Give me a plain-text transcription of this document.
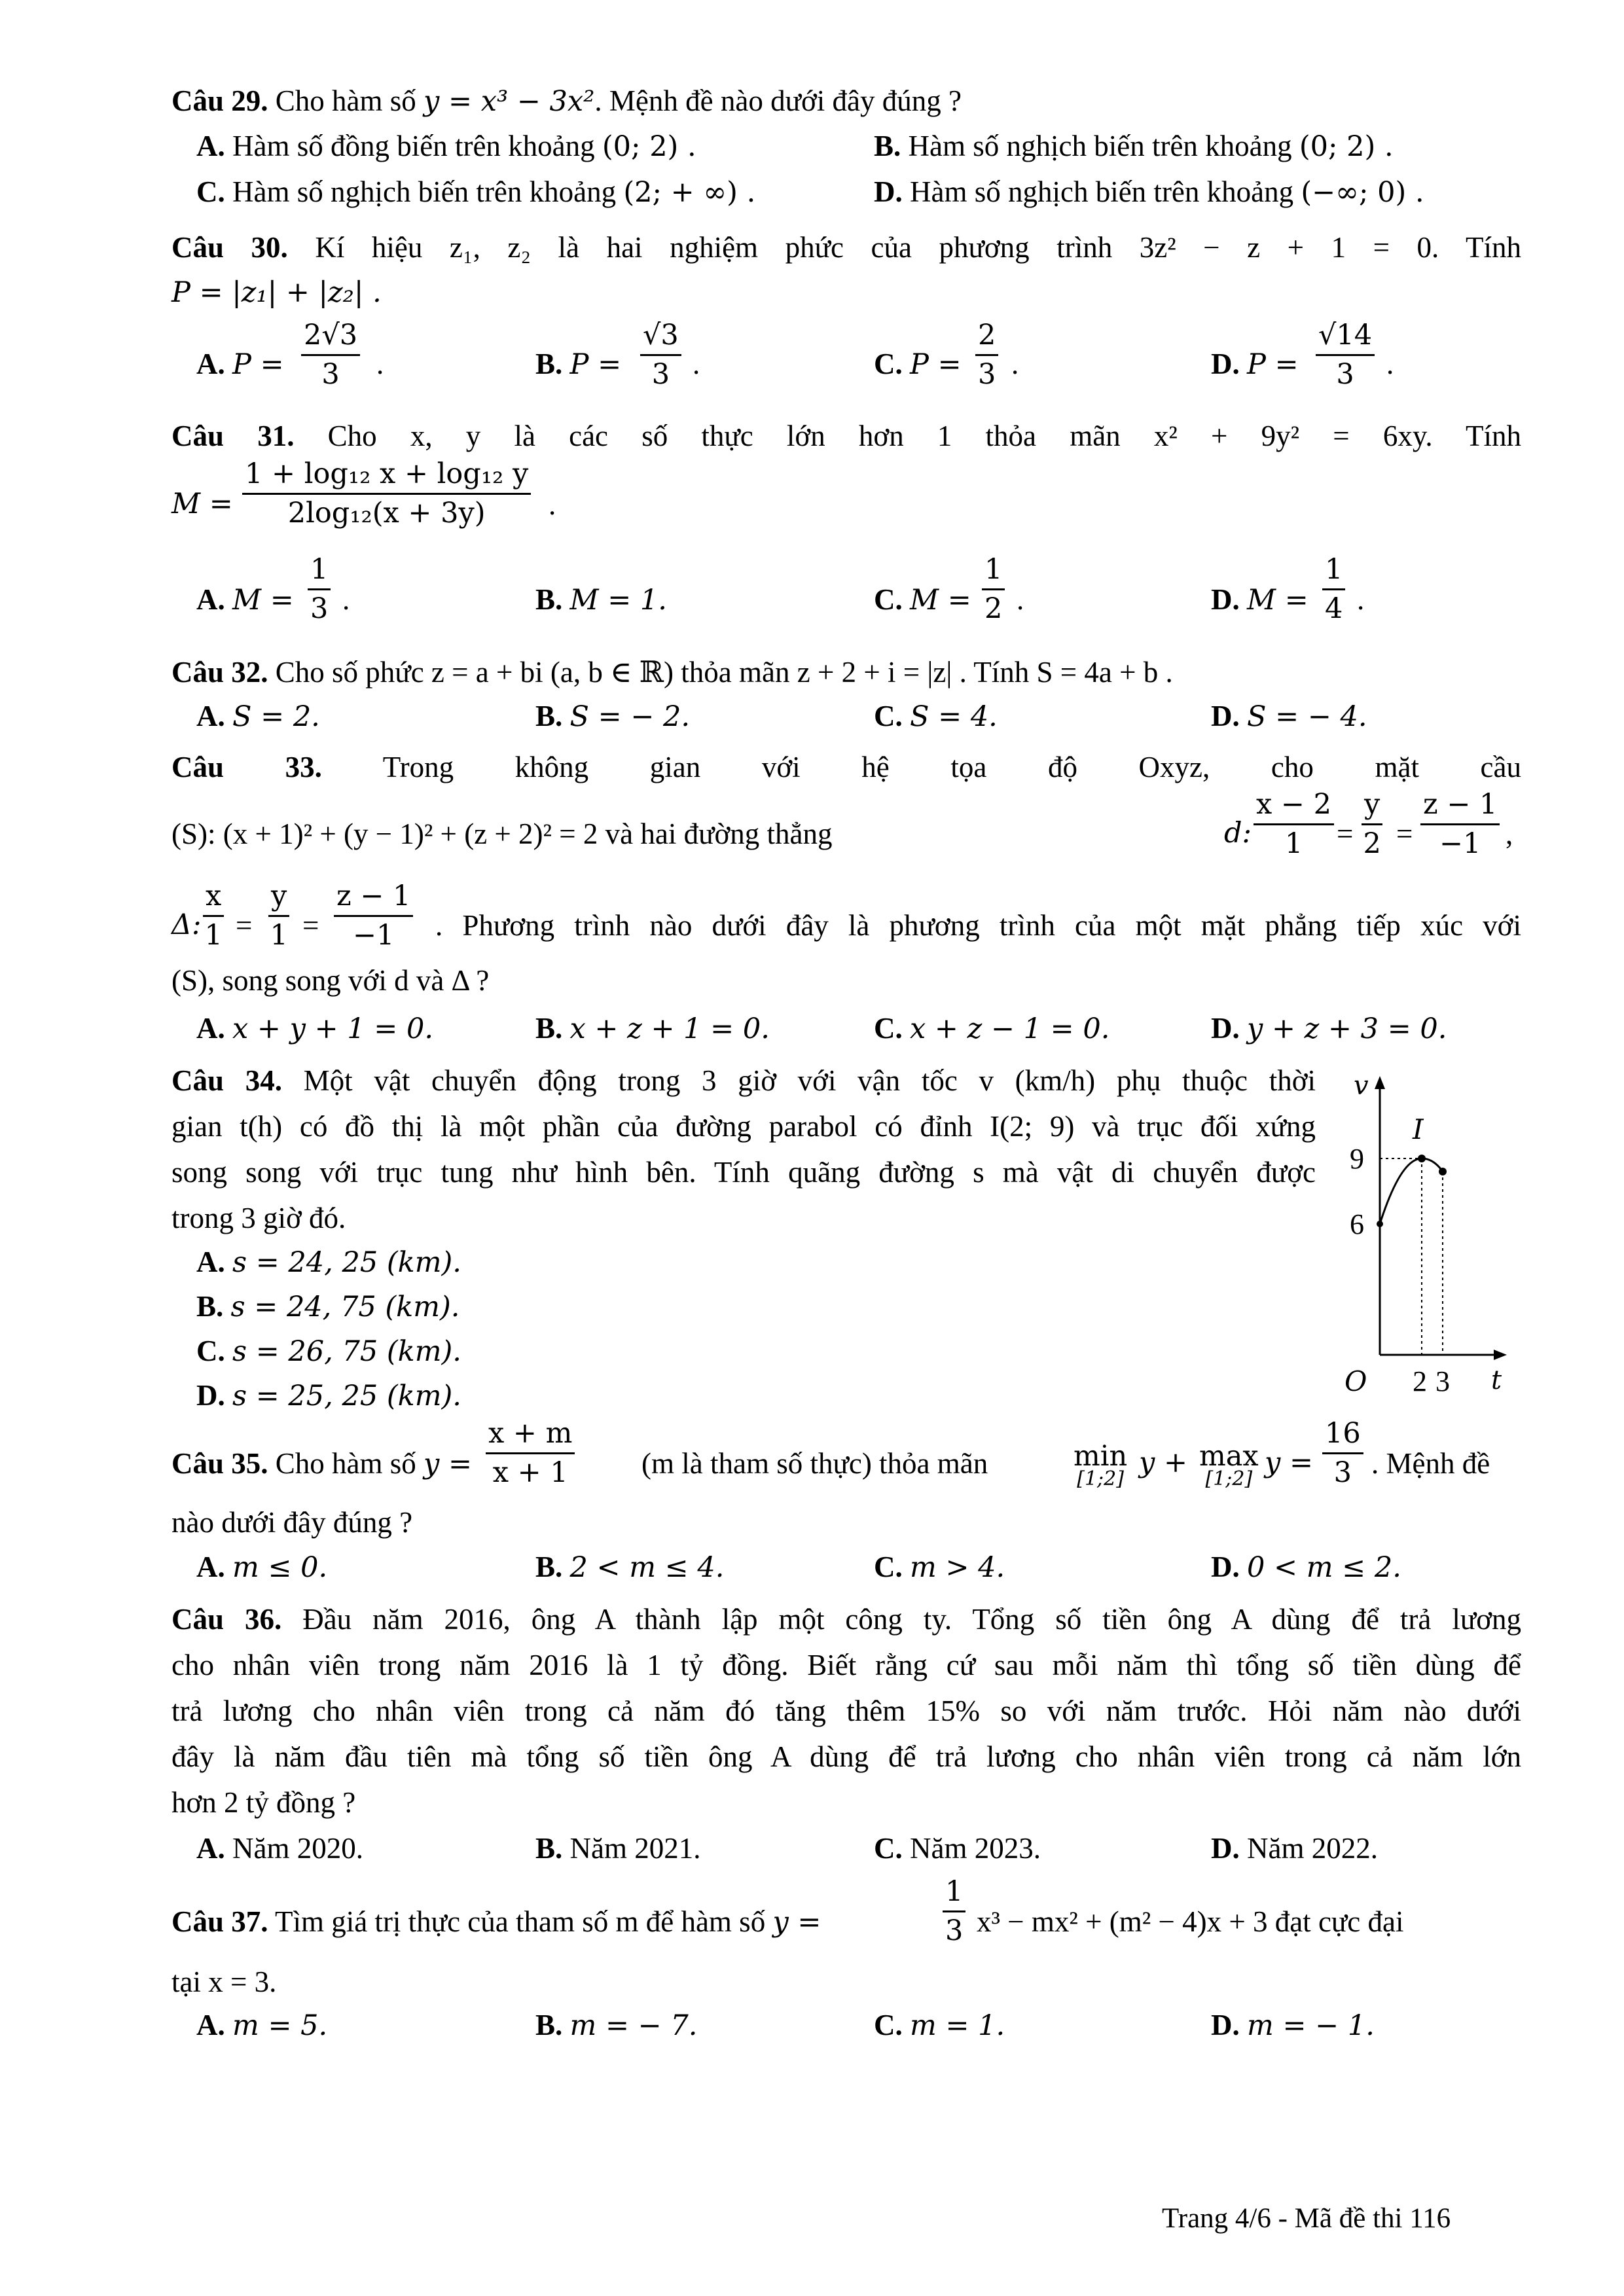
Câu 29. Cho hàm số y = x³ − 3x². Mệnh đề nào dưới đây đúng ?
A. Hàm số đồng biến trên khoảng (0; 2) .	B. Hàm số nghịch biến trên khoảng (0; 2) .
C. Hàm số nghịch biến trên khoảng (2; + ∞) .	D. Hàm số nghịch biến trên khoảng (−∞; 0) .
Câu 30. Kí hiệu z₁, z₂ là hai nghiệm phức của phương trình 3z² − z + 1 = 0. Tính
P = |z₁| + |z₂| .
A. $P = \frac{2√3}{3}$ .	B. $P = \frac{√3}{3}$ .	C. $P = \frac{2}{3}$ .	D. $P = \frac{√14}{3}$ .
Câu 31. Cho x, y là các số thực lớn hơn 1 thỏa mãn x² + 9y² = 6xy. Tính
$M = \frac{\text{1 + log₁₂ x + log₁₂ y}}{\text{2log₁₂(x + 3y)}}$ .
A. $M = \frac{1}{3}$ .	B. M = 1.	C. $M = \frac{1}{2}$ .	D. $M = \frac{1}{4}$ .
Câu 32. Cho số phức z = a + bi (a, b ∈ ℝ) thỏa mãn z + 2 + i = |z| . Tính S = 4a + b .
A. S = 2.	B. S = − 2.	C. S = 4.	D. S = − 4.
Câu 33. Trong không gian với hệ tọa độ Oxyz, cho mặt cầu
(S): (x + 1)² + (y − 1)² + (z + 2)² = 2 và hai đường thẳng	d: $\frac{x - 2}{1} = \frac{y}{2} = \frac{z - 1}{-1}$ ,
Δ: $\frac{x}{1} = \frac{y}{1} = \frac{z - 1}{-1}$ . Phương trình nào dưới đây là phương trình của một mặt phẳng tiếp xúc với
(S), song song với d và Δ ?
A. x + y + 1 = 0.	B. x + z + 1 = 0.	C. x + z − 1 = 0.	D. y + z + 3 = 0.
Câu 34. Một vật chuyển động trong 3 giờ với vận tốc v (km/h) phụ thuộc thời
gian t(h) có đồ thị là một phần của đường parabol có đỉnh I(2; 9) và trục đối xứng
song song với trục tung như hình bên. Tính quãng đường s mà vật di chuyển được
trong 3 giờ đó.
A. s = 24, 25 (km).
B. s = 24, 75 (km).
C. s = 26, 75 (km).
D. s = 25, 25 (km).
v
t
O
I
9
6
2 3
Câu 35. Cho hàm số $y = \frac{x + m}{x + 1} (m$ là tham số thực) thỏa mãn	min
[1;2] y + max
[1;2] $y = \frac{16}{3}$ . Mệnh đề
nào dưới đây đúng ?
A. m ≤ 0.	B. 2 < m ≤ 4.	C. m > 4.	D. 0 < m ≤ 2.
Câu 36. Đầu năm 2016, ông A thành lập một công ty. Tổng số tiền ông A dùng để trả lương
cho nhân viên trong năm 2016 là 1 tỷ đồng. Biết rằng cứ sau mỗi năm thì tổng số tiền dùng để
trả lương cho nhân viên trong cả năm đó tăng thêm 15% so với năm trước. Hỏi năm nào dưới
đây là năm đầu tiên mà tổng số tiền ông A dùng để trả lương cho nhân viên trong cả năm lớn
hơn 2 tỷ đồng ?
A. Năm 2020.	B. Năm 2021.	C. Năm 2023.	D. Năm 2022.
Câu 37. Tìm giá trị thực của tham số m để hàm số y =	$\frac{1}{3} x^3 - mx^2 + (m^2 - 4)x + 3$ đạt cực đại
tại x = 3.
A. m = 5.	B. m = − 7.	C. m = 1.	D. m = − 1.
Trang 4/6 - Mã đề thi 116
